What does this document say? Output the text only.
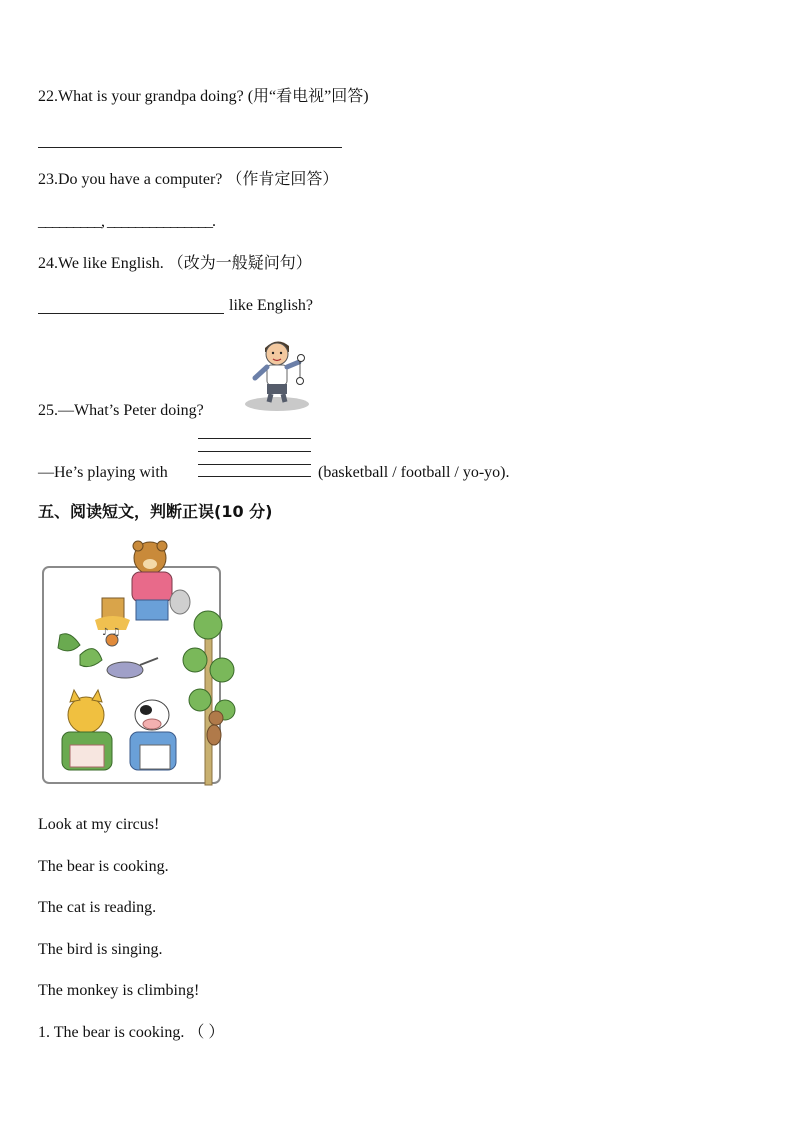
22.What is your grandpa doing? (用“看电视”回答)
23.Do you have a computer? （作肯定回答）
_________, _______________.
24.We like English. （改为一般疑问句）
like English?
25.—What’s Peter doing?
—He’s playing with	(basketball / football / yo-yo).
五、阅读短文，判断正误(10 分)
♪ ♫
Look at my circus!
The bear is cooking.
The cat is reading.
The bird is singing.
The monkey is climbing!
1. The bear is cooking. （ ）
